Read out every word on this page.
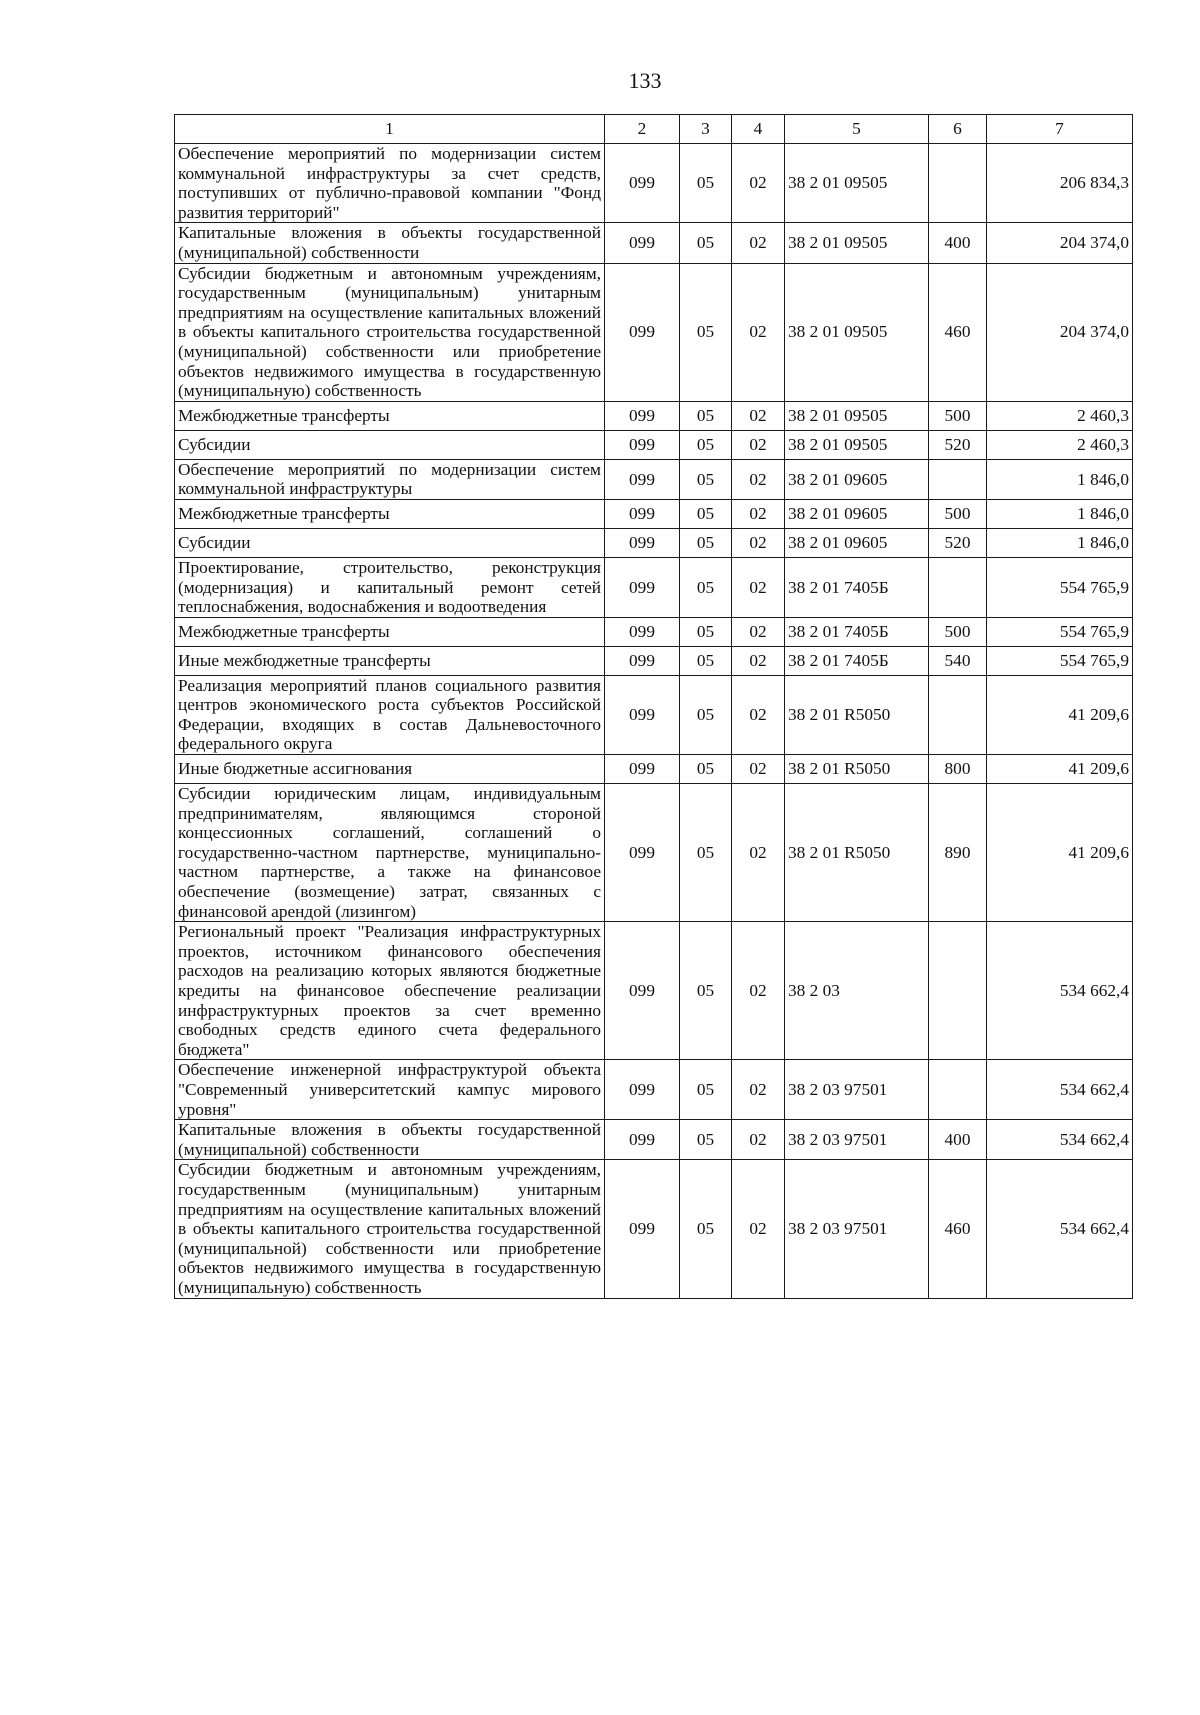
133
1	2	3	4	5	6	7
Обеспечение мероприятий по модернизации систем коммунальной инфраструктуры за счет средств, поступивших от публично-правовой компании "Фонд развития территорий"	099	05	02	38 2 01 09505		206 834,3
Капитальные вложения в объекты государственной (муниципальной) собственности	099	05	02	38 2 01 09505	400	204 374,0
Субсидии бюджетным и автономным учреждениям, государственным (муниципальным) унитарным предприятиям на осуществление капитальных вложений в объекты капитального строительства государственной (муниципальной) собственности или приобретение объектов недвижимого имущества в государственную (муниципальную) собственность	099	05	02	38 2 01 09505	460	204 374,0
Межбюджетные трансферты	099	05	02	38 2 01 09505	500	2 460,3
Субсидии	099	05	02	38 2 01 09505	520	2 460,3
Обеспечение мероприятий по модернизации систем коммунальной инфраструктуры	099	05	02	38 2 01 09605		1 846,0
Межбюджетные трансферты	099	05	02	38 2 01 09605	500	1 846,0
Субсидии	099	05	02	38 2 01 09605	520	1 846,0
Проектирование, строительство, реконструкция (модернизация) и капитальный ремонт сетей теплоснабжения, водоснабжения и водоотведения	099	05	02	38 2 01 7405Б		554 765,9
Межбюджетные трансферты	099	05	02	38 2 01 7405Б	500	554 765,9
Иные межбюджетные трансферты	099	05	02	38 2 01 7405Б	540	554 765,9
Реализация мероприятий планов социального развития центров экономического роста субъектов Российской Федерации, входящих в состав Дальневосточного федерального округа	099	05	02	38 2 01 R5050		41 209,6
Иные бюджетные ассигнования	099	05	02	38 2 01 R5050	800	41 209,6
Субсидии юридическим лицам, индивидуальным предпринимателям, являющимся стороной концессионных соглашений, соглашений о государственно-частном партнерстве, муниципально-частном партнерстве, а также на финансовое обеспечение (возмещение) затрат, связанных с финансовой арендой (лизингом)	099	05	02	38 2 01 R5050	890	41 209,6
Региональный проект "Реализация инфраструктурных проектов, источником финансового обеспечения расходов на реализацию которых являются бюджетные кредиты на финансовое обеспечение реализации инфраструктурных проектов за счет временно свободных средств единого счета федерального бюджета"	099	05	02	38 2 03		534 662,4
Обеспечение инженерной инфраструктурой объекта "Современный университетский кампус мирового уровня"	099	05	02	38 2 03 97501		534 662,4
Капитальные вложения в объекты государственной (муниципальной) собственности	099	05	02	38 2 03 97501	400	534 662,4
Субсидии бюджетным и автономным учреждениям, государственным (муниципальным) унитарным предприятиям на осуществление капитальных вложений в объекты капитального строительства государственной (муниципальной) собственности или приобретение объектов недвижимого имущества в государственную (муниципальную) собственность	099	05	02	38 2 03 97501	460	534 662,4
